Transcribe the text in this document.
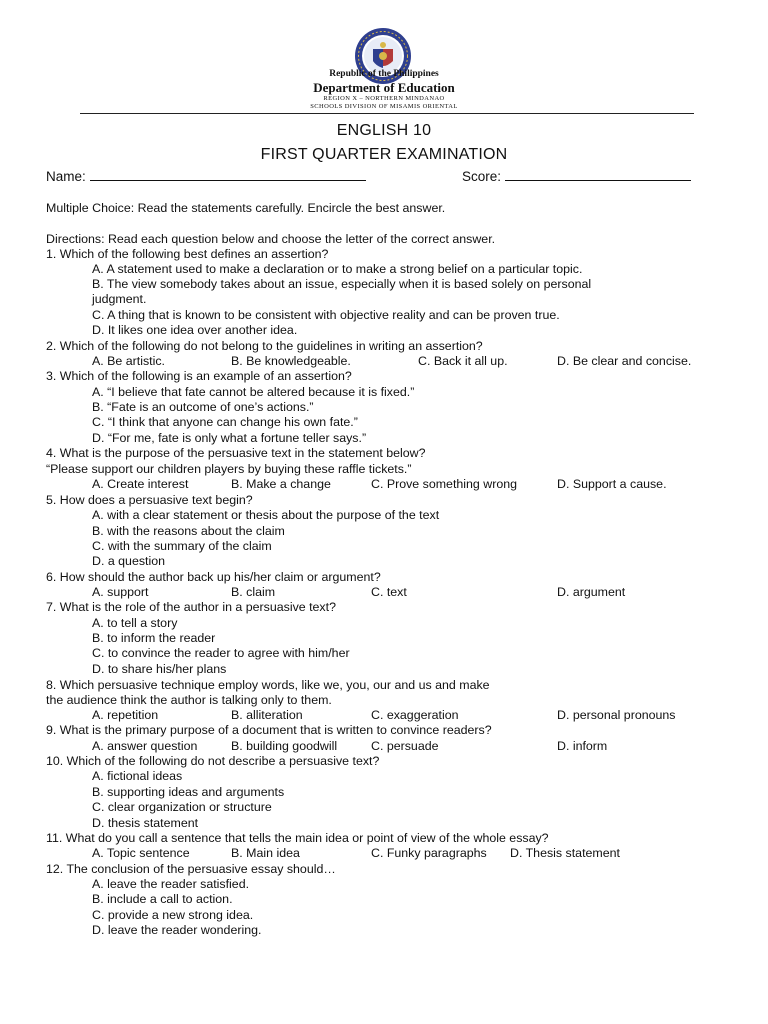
Republic of the Philippines
Department of Education
REGION X – NORTHERN MINDANAO
SCHOOLS DIVISION OF MISAMIS ORIENTAL
ENGLISH 10
FIRST QUARTER EXAMINATION
Name:	Score:
Multiple Choice: Read the statements carefully. Encircle the best answer.
Directions: Read each question below and choose the letter of the correct answer.
1. Which of the following best defines an assertion?
A. A statement used to make a declaration or to make a strong belief on a particular topic.
B. The view somebody takes about an issue, especially when it is based solely on personal
judgment.
C. A thing that is known to be consistent with objective reality and can be proven true.
D. It likes one idea over another idea.
2. Which of the following do not belong to the guidelines in writing an assertion?
A. Be artistic.	B. Be knowledgeable.	C. Back it all up.	D. Be clear and concise.
3. Which of the following is an example of an assertion?
A. “I believe that fate cannot be altered because it is fixed.”
B. “Fate is an outcome of one’s actions.”
C. “I think that anyone can change his own fate.”
D. “For me, fate is only what a fortune teller says.”
4. What is the purpose of the persuasive text in the statement below?
“Please support our children players by buying these raffle tickets.”
A. Create interest	B. Make a change	C. Prove something wrong	D. Support a cause.
5. How does a persuasive text begin?
A. with a clear statement or thesis about the purpose of the text
B. with the reasons about the claim
C. with the summary of the claim
D. a question
6. How should the author back up his/her claim or argument?
A. support	B. claim	C. text	D. argument
7. What is the role of the author in a persuasive text?
A. to tell a story
B. to inform the reader
C. to convince the reader to agree with him/her
D. to share his/her plans
8. Which persuasive technique employ words, like we, you, our and us and make
the audience think the author is talking only to them.
A. repetition	B. alliteration	C. exaggeration	D. personal pronouns
9. What is the primary purpose of a document that is written to convince readers?
A. answer question	B. building goodwill	C. persuade	D. inform
10. Which of the following do not describe a persuasive text?
A. fictional ideas
B. supporting ideas and arguments
C. clear organization or structure
D. thesis statement
11. What do you call a sentence that tells the main idea or point of view of the whole essay?
A. Topic sentence	B. Main idea	C. Funky paragraphs D. Thesis statement
12. The conclusion of the persuasive essay should…
A. leave the reader satisfied.
B. include a call to action.
C. provide a new strong idea.
D. leave the reader wondering.
